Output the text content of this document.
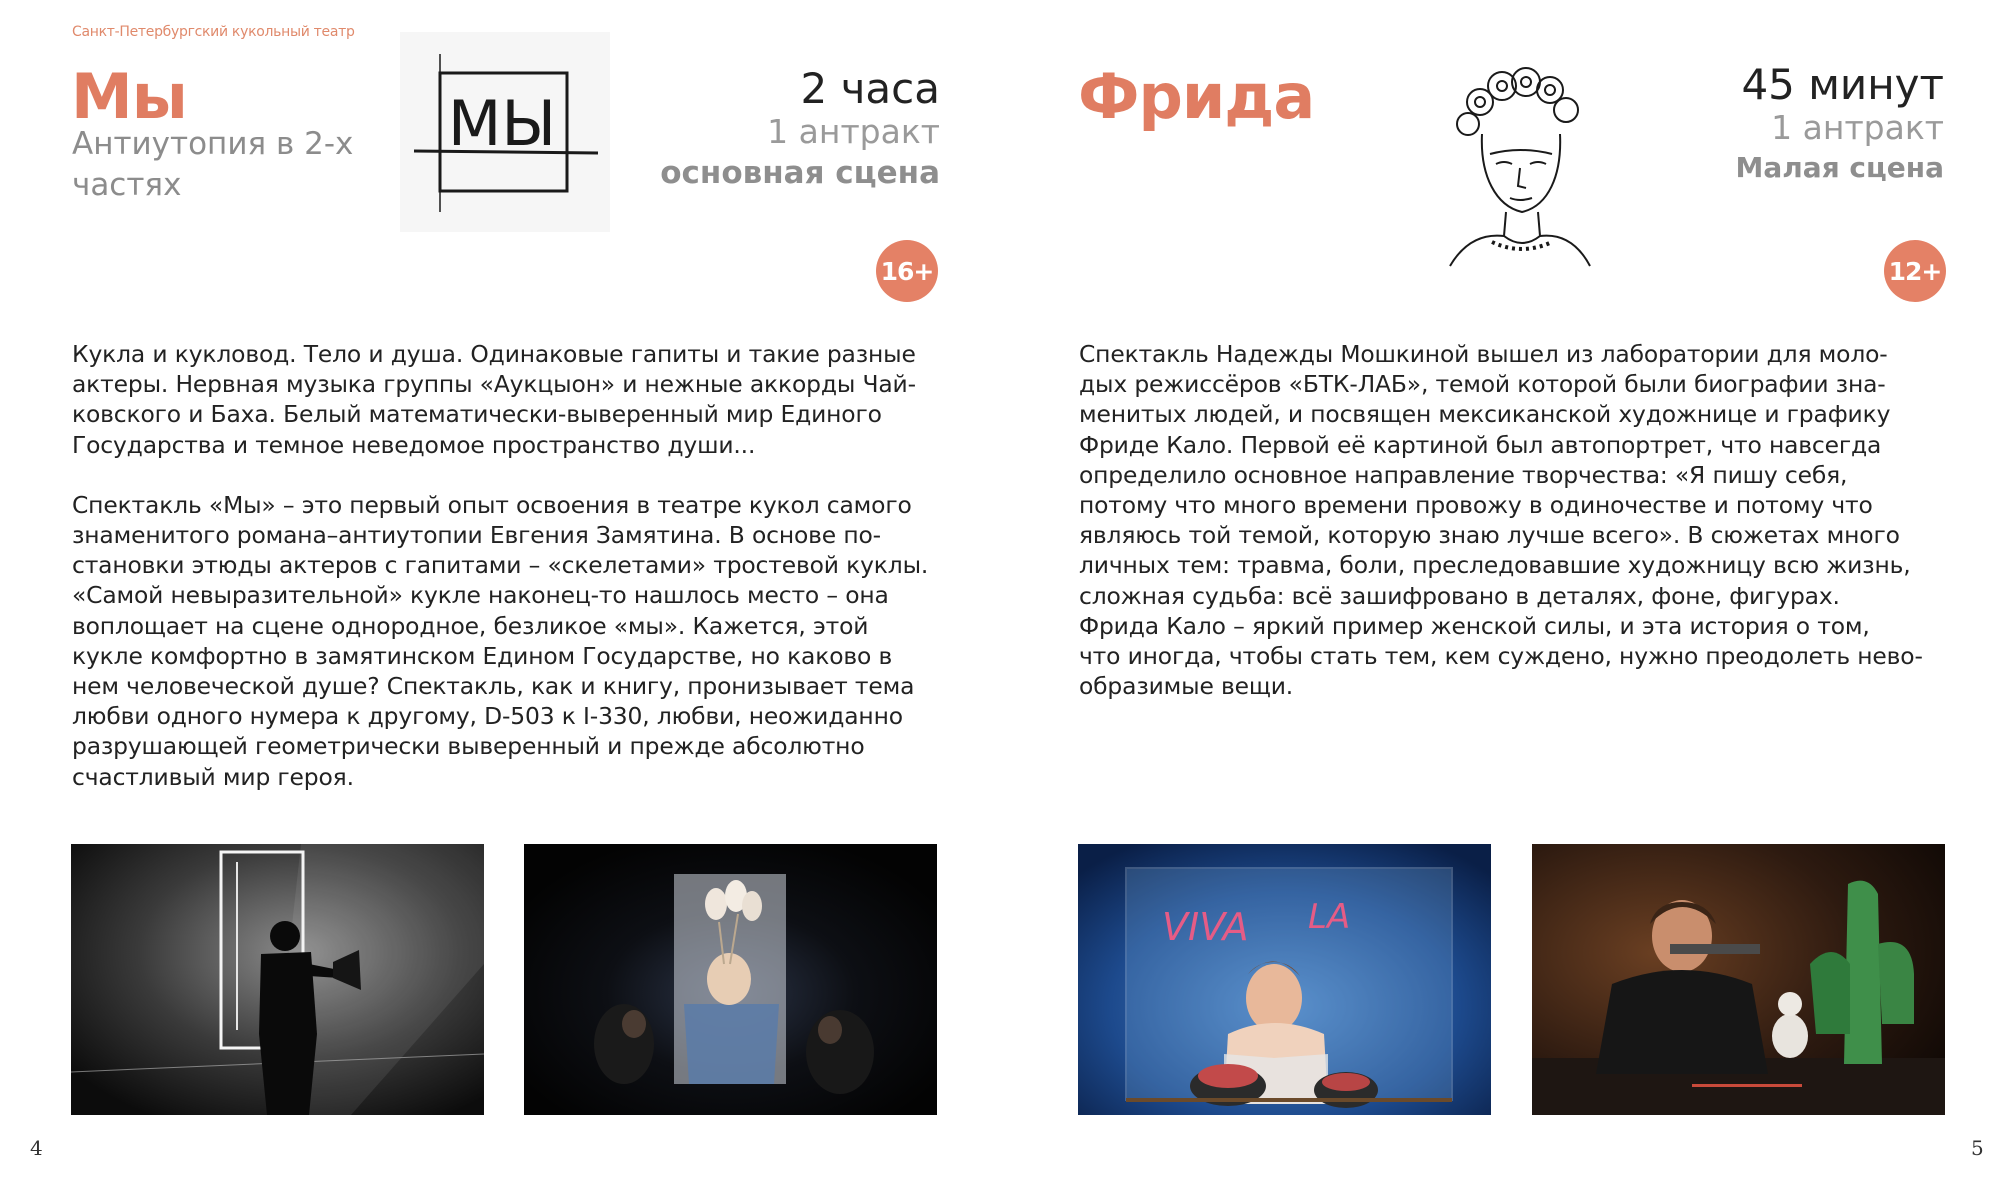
Санкт-Петербургский кукольный театр
Мы
Антиутопия в 2-х
частях
МЫ	2 часа
1 антракт
основная сцена
16+

Кукла и кукловод. Тело и душа. Одинаковые гапиты и такие разные
актеры. Нервная музыка группы «Аукцыон» и нежные аккорды Чай-
ковского и Баха. Белый математически-выверенный мир Единого
Государства и темное неведомое пространство души...

Спектакль «Мы» – это первый опыт освоения в театре кукол самого
знаменитого романа–антиутопии Евгения Замятина. В основе по-
становки этюды актеров с гапитами – «скелетами» тростевой куклы.
«Самой невыразительной» кукле наконец-то нашлось место – она
воплощает на сцене однородное, безликое «мы». Кажется, этой
кукле комфортно в замятинском Едином Государстве, но каково в
нем человеческой душе? Спектакль, как и книгу, пронизывает тема
любви одного нумера к другому, D-503 к I-330, любви, неожиданно
разрушающей геометрически выверенный и прежде абсолютно
счастливый мир героя.

4
Фрида	45 минут
1 антракт
Малая сцена
12+

Спектакль Надежды Мошкиной вышел из лаборатории для моло-
дых режиссёров «БТК-ЛАБ», темой которой были биографии зна-
менитых людей, и посвящен мексиканской художнице и графику
Фриде Кало. Первой её картиной был автопортрет, что навсегда
определило основное направление творчества: «Я пишу себя,
потому что много времени провожу в одиночестве и потому что
являюсь той темой, которую знаю лучше всего». В сюжетах много
личных тем: травма, боли, преследовавшие художницу всю жизнь,
сложная судьба: всё зашифровано в деталях, фоне, фигурах.
Фрида Кало – яркий пример женской силы, и эта история о том,
что иногда, чтобы стать тем, кем суждено, нужно преодолеть нево-
образимые вещи.

VIVA LA
5
